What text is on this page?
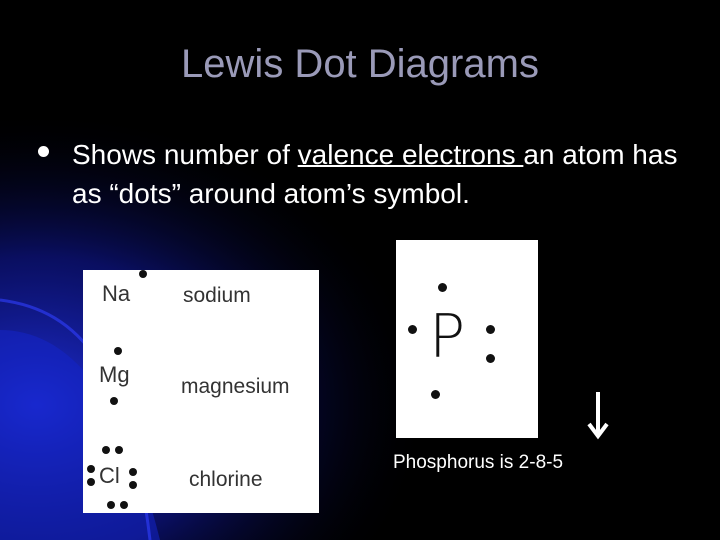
Lewis Dot Diagrams
Shows number of valence electrons an atom has as “dots” around atom’s symbol.
Na	sodium
Mg magnesium
Cl	chlorine
P
Phosphorus is 2-8-5
